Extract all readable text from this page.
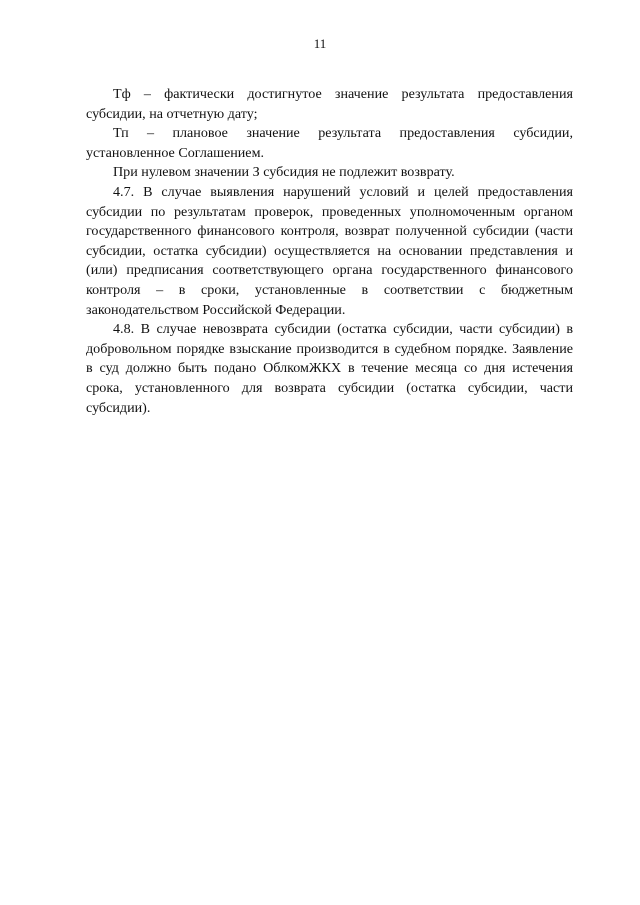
11

Тф – фактически достигнутое значение результата предоставления субсидии, на отчетную дату;

Тп – плановое значение результата предоставления субсидии, установленное Соглашением.

При нулевом значении З субсидия не подлежит возврату.

4.7. В случае выявления нарушений условий и целей предоставления субсидии по результатам проверок, проведенных уполномоченным органом государственного финансового контроля, возврат полученной субсидии (части субсидии, остатка субсидии) осуществляется на основании представления и (или) предписания соответствующего органа государственного финансового контроля – в сроки, установленные в соответствии с бюджетным законодательством Российской Федерации.

4.8. В случае невозврата субсидии (остатка субсидии, части субсидии) в добровольном порядке взыскание производится в судебном порядке. Заявление в суд должно быть подано ОблкомЖКХ в течение месяца со дня истечения срока, установленного для возврата субсидии (остатка субсидии, части субсидии).
